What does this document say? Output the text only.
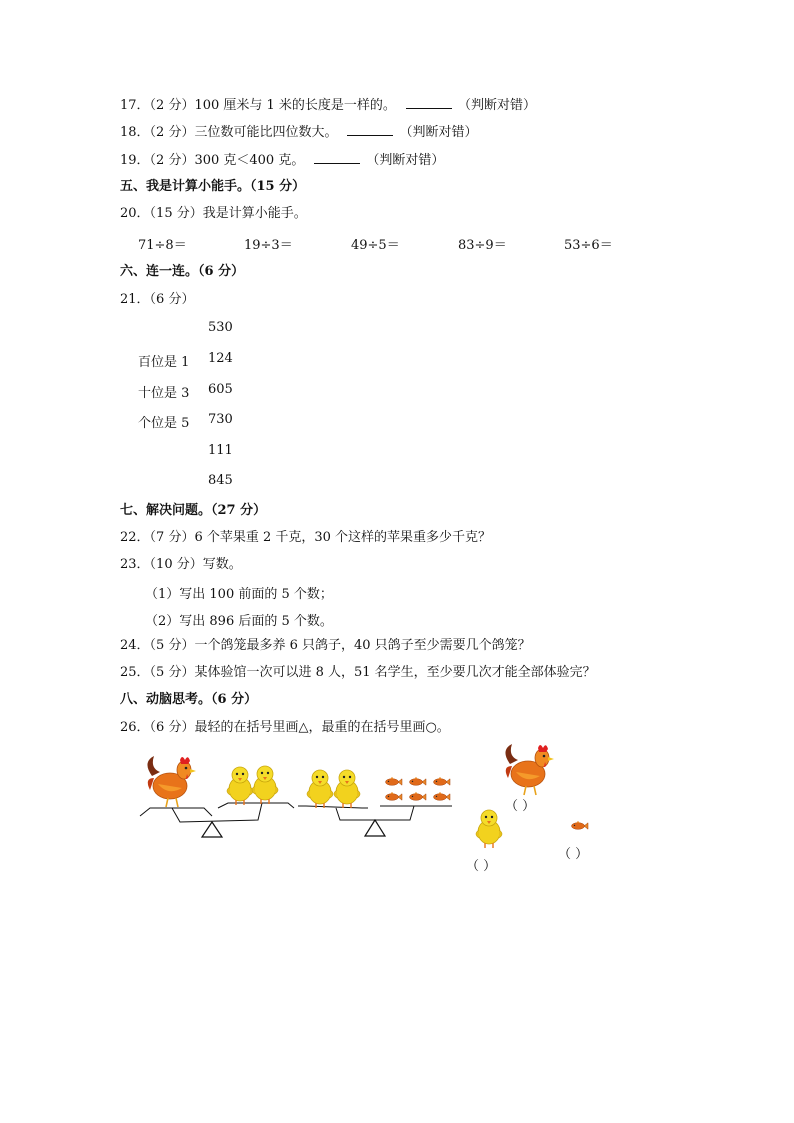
17．（2 分）100 厘米与 1 米的长度是一样的。	（判断对错）
18．（2 分）三位数可能比四位数大。	（判断对错）
19．（2 分）300 克＜400 克。	（判断对错）
五、我是计算小能手。（15 分）
20．（15 分）我是计算小能手。
71÷8＝	19÷3＝	49÷5＝	83÷9＝	53÷6＝
六、连一连。（6 分）
21．（6 分）
530
124
605
730
111
845
百位是 1
十位是 3
个位是 5
七、解决问题。（27 分）
22．（7 分）6 个苹果重 2 千克，30 个这样的苹果重多少千克？
23．（10 分）写数。
（1）写出 100 前面的 5 个数；
（2）写出 896 后面的 5 个数。
24．（5 分）一个鸽笼最多养 6 只鸽子，40 只鸽子至少需要几个鸽笼？
25．（5 分）某体验馆一次可以进 8 人，51 名学生，至少要几次才能全部体验完？
八、动脑思考。（6 分）
26．（6 分）最轻的在括号里画△，最重的在括号里画○。
（ ）
（ ）
（ ）
